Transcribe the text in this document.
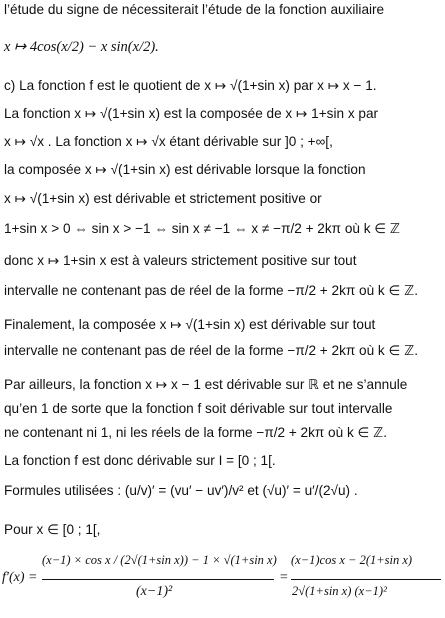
l’étude du signe de nécessiterait l’étude de la fonction auxiliaire
x ↦ 4cos(x/2) − x sin(x/2).
c) La fonction f est le quotient de x ↦ √(1+sin x) par x ↦ x − 1.
La fonction x ↦ √(1+sin x) est la composée de x ↦ 1+sin x par
x ↦ √x . La fonction x ↦ √x étant dérivable sur ]0 ; +∞[,
la composée x ↦ √(1+sin x) est dérivable lorsque la fonction
x ↦ √(1+sin x) est dérivable et strictement positive or
1+sin x > 0 ⇔ sin x > −1 ⇔ sin x ≠ −1 ⇔ x ≠ −π/2 + 2kπ où k ∈ ℤ
donc x ↦ 1+sin x est à valeurs strictement positive sur tout
intervalle ne contenant pas de réel de la forme −π/2 + 2kπ où k ∈ ℤ.
Finalement, la composée x ↦ √(1+sin x) est dérivable sur tout
intervalle ne contenant pas de réel de la forme −π/2 + 2kπ où k ∈ ℤ.
Par ailleurs, la fonction x ↦ x − 1 est dérivable sur ℝ et ne s’annule
qu’en 1 de sorte que la fonction f soit dérivable sur tout intervalle
ne contenant ni 1, ni les réels de la forme −π/2 + 2kπ où k ∈ ℤ.
La fonction f est donc dérivable sur I = [0 ; 1[.
Formules utilisées : (u/v)′ = (vu′ − uv′)/v² et (√u)′ = u′/(2√u) .
Pour x ∈ [0 ; 1[,
f′(x) =
(x−1) × cos x / (2√(1+sin x)) − 1 × √(1+sin x)
(x−1)²
=
(x−1)cos x − 2(1+sin x)
2√(1+sin x) (x−1)²
